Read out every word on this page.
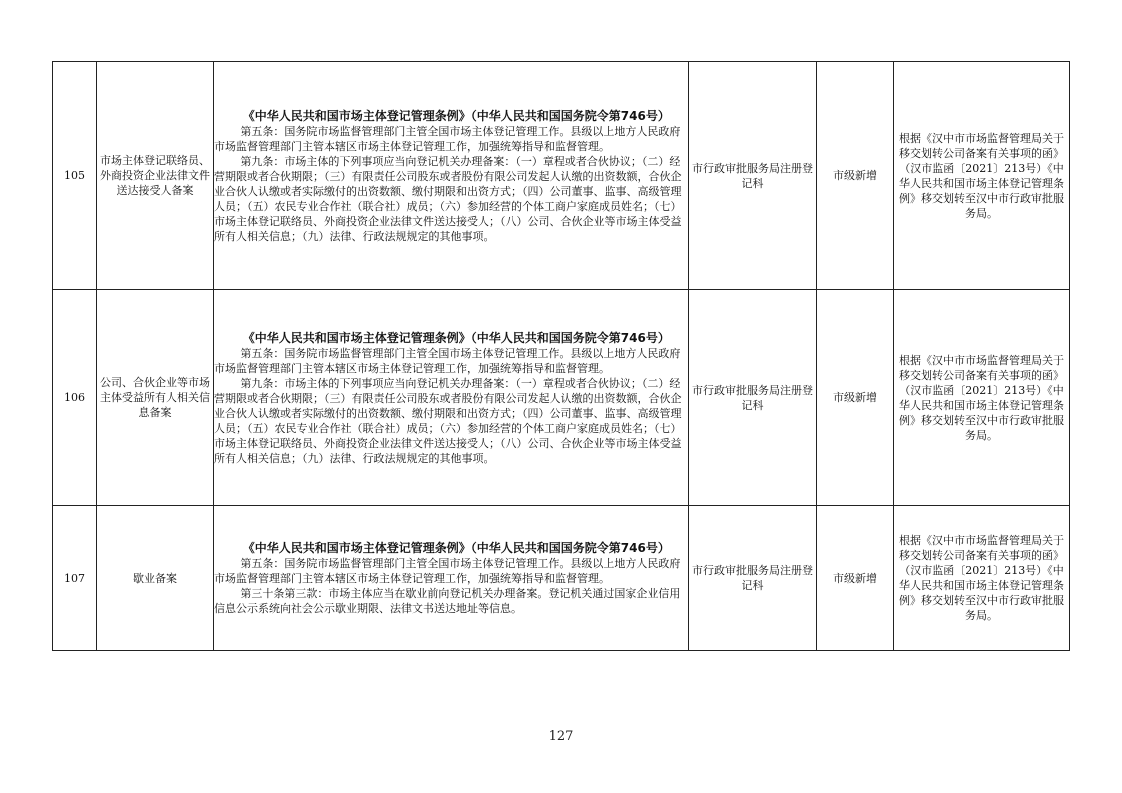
105	市场主体登记联络员、外商投资企业法律文件送达接受人备案	《中华人民共和国市场主体登记管理条例》（中华人民共和国国务院令第746号）

第五条：国务院市场监督管理部门主管全国市场主体登记管理工作。县级以上地方人民政府市场监督管理部门主管本辖区市场主体登记管理工作，加强统筹指导和监督管理。

第九条：市场主体的下列事项应当向登记机关办理备案：（一）章程或者合伙协议；（二）经营期限或者合伙期限；（三）有限责任公司股东或者股份有限公司发起人认缴的出资数额，合伙企业合伙人认缴或者实际缴付的出资数额、缴付期限和出资方式；（四）公司董事、监事、高级管理人员；（五）农民专业合作社（联合社）成员；（六）参加经营的个体工商户家庭成员姓名；（七）市场主体登记联络员、外商投资企业法律文件送达接受人；（八）公司、合伙企业等市场主体受益所有人相关信息；（九）法律、行政法规规定的其他事项。	市行政审批服务局注册登记科	市级新增	根据《汉中市市场监督管理局关于移交划转公司备案有关事项的函》（汉市监函〔2021〕213号）《中华人民共和国市场主体登记管理条例》移交划转至汉中市行政审批服务局。
106	公司、合伙企业等市场主体受益所有人相关信息备案	《中华人民共和国市场主体登记管理条例》（中华人民共和国国务院令第746号）

第五条：国务院市场监督管理部门主管全国市场主体登记管理工作。县级以上地方人民政府市场监督管理部门主管本辖区市场主体登记管理工作，加强统筹指导和监督管理。

第九条：市场主体的下列事项应当向登记机关办理备案：（一）章程或者合伙协议；（二）经营期限或者合伙期限；（三）有限责任公司股东或者股份有限公司发起人认缴的出资数额，合伙企业合伙人认缴或者实际缴付的出资数额、缴付期限和出资方式；（四）公司董事、监事、高级管理人员；（五）农民专业合作社（联合社）成员；（六）参加经营的个体工商户家庭成员姓名；（七）市场主体登记联络员、外商投资企业法律文件送达接受人；（八）公司、合伙企业等市场主体受益所有人相关信息；（九）法律、行政法规规定的其他事项。	市行政审批服务局注册登记科	市级新增	根据《汉中市市场监督管理局关于移交划转公司备案有关事项的函》（汉市监函〔2021〕213号）《中华人民共和国市场主体登记管理条例》移交划转至汉中市行政审批服务局。
107	歇业备案	《中华人民共和国市场主体登记管理条例》（中华人民共和国国务院令第746号）

第五条：国务院市场监督管理部门主管全国市场主体登记管理工作。县级以上地方人民政府市场监督管理部门主管本辖区市场主体登记管理工作，加强统筹指导和监督管理。

第三十条第三款：市场主体应当在歇业前向登记机关办理备案。登记机关通过国家企业信用信息公示系统向社会公示歇业期限、法律文书送达地址等信息。	市行政审批服务局注册登记科	市级新增	根据《汉中市市场监督管理局关于移交划转公司备案有关事项的函》（汉市监函〔2021〕213号）《中华人民共和国市场主体登记管理条例》移交划转至汉中市行政审批服务局。
127
